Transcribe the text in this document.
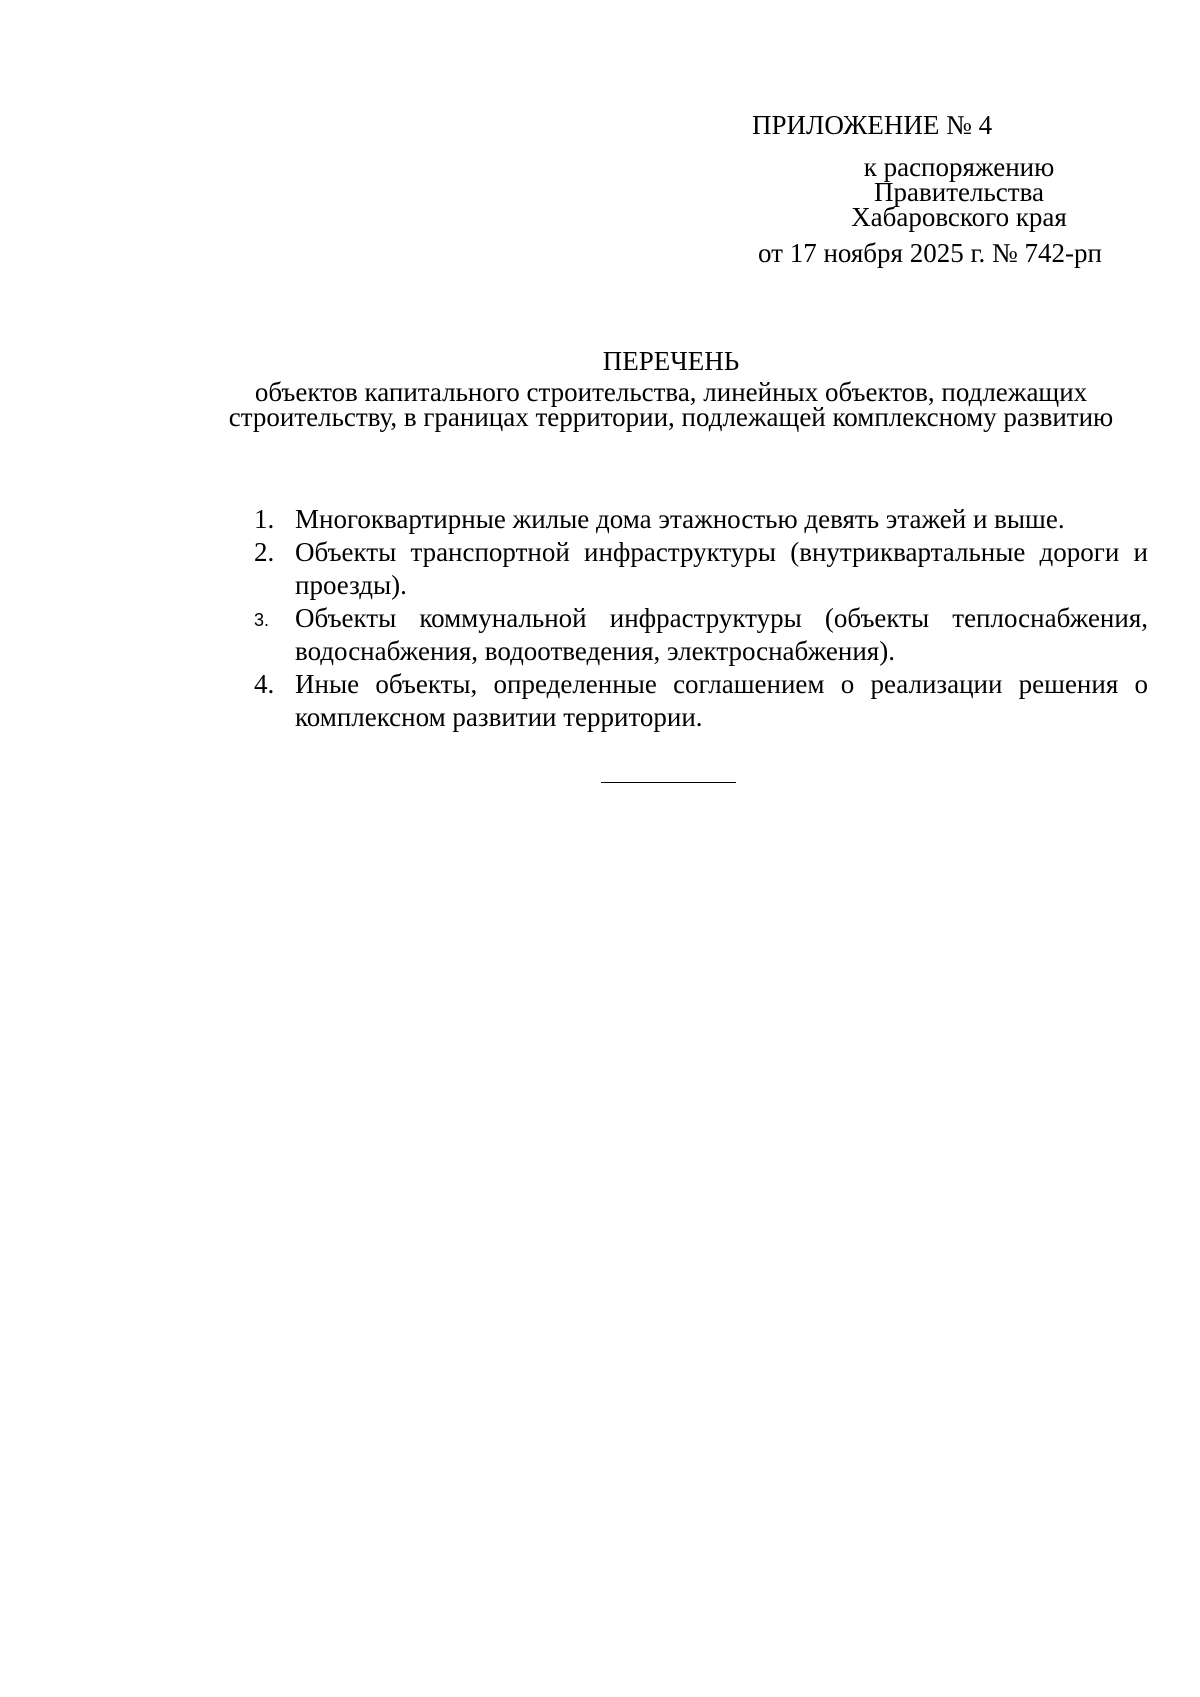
ПРИЛОЖЕНИЕ № 4

к распоряжению
Правительства
Хабаровского края

от 17 ноября 2025 г. № 742-рп

ПЕРЕЧЕНЬ

объектов капитального строительства, линейных объектов, подлежащих строительству, в границах территории, подлежащей комплексному развитию

1. Многоквартирные жилые дома этажностью девять этажей и выше.
2. Объекты транспортной инфраструктуры (внутриквартальные дороги и проезды).
3. Объекты коммунальной инфраструктуры (объекты теплоснабжения, водоснабжения, водоотведения, электроснабжения).
4. Иные объекты, определенные соглашением о реализации решения о комплексном развитии территории.
